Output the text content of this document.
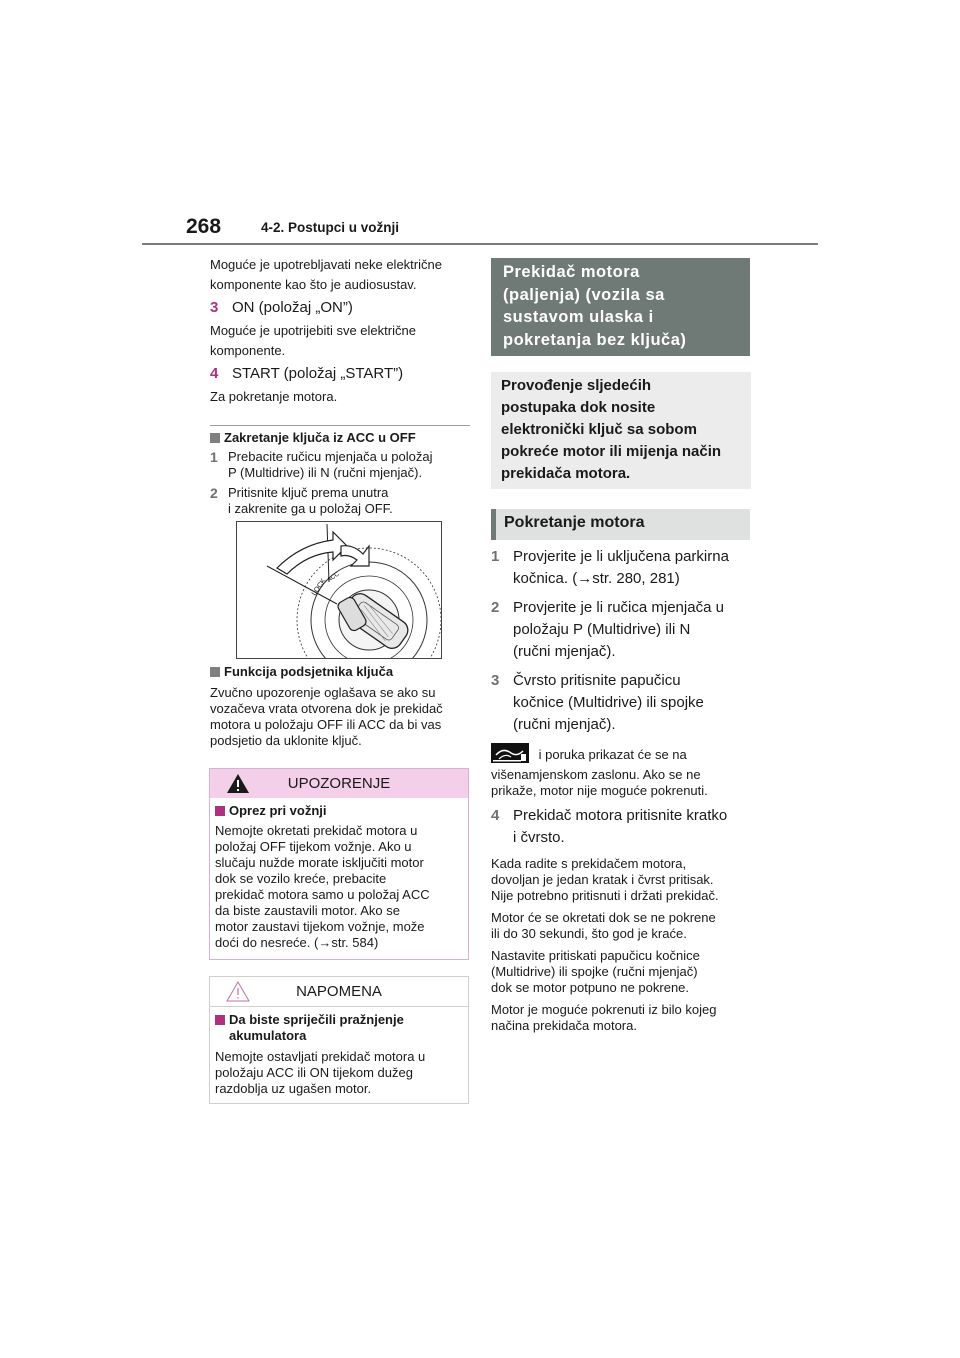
268	4-2. Postupci u vožnji

Moguće je upotrebljavati neke električne

komponente kao što je audiosustav.

3 ON (položaj „ON”)

Moguće je upotrijebiti sve električne

komponente.

4 START (položaj „START”)

Za pokretanje motora.

Zakretanje ključa iz ACC u OFF
1 Prebacite ručicu mjenjača u položaj
P (Multidrive) ili N (ručni mjenjač).
2 Pritisnite ključ prema unutra
i zakrenite ga u položaj OFF.
LOCK ACC
Funkcija podsjetnika ključa

Zvučno upozorenje oglašava se ako su

vozačeva vrata otvorena dok je prekidač

motora u položaju OFF ili ACC da bi vas

podsjetio da uklonite ključ.

UPOZORENJE
Oprez pri vožnji

Nemojte okretati prekidač motora u

položaj OFF tijekom vožnje. Ako u

slučaju nužde morate isključiti motor

dok se vozilo kreće, prebacite

prekidač motora samo u položaj ACC

da biste zaustavili motor. Ako se

motor zaustavi tijekom vožnje, može

doći do nesreće. (→str. 584)

NAPOMENA
Da biste spriječili pražnjenje
akumulatora

Nemojte ostavljati prekidač motora u

položaju ACC ili ON tijekom dužeg

razdoblja uz ugašen motor.

Prekidač motora
(paljenja) (vozila sa
sustavom ulaska i
pokretanja bez ključa)
Provođenje sljedećih
postupaka dok nosite
elektronički ključ sa sobom
pokreće motor ili mijenja način
prekidača motora.
Pokretanje motora
1 Provjerite je li uključena parkirna
kočnica. (→str. 280, 281)
2 Provjerite je li ručica mjenjača u
položaju P (Multidrive) ili N
(ručni mjenjač).
3 Čvrsto pritisnite papučicu
kočnice (Multidrive) ili spojke
(ručni mjenjač).
i poruka prikazat će se na
višenamjenskom zaslonu. Ako se ne
prikaže, motor nije moguće pokrenuti.
4 Prekidač motora pritisnite kratko
i čvrsto.

Kada radite s prekidačem motora,

dovoljan je jedan kratak i čvrst pritisak.

Nije potrebno pritisnuti i držati prekidač.

Motor će se okretati dok se ne pokrene

ili do 30 sekundi, što god je kraće.

Nastavite pritiskati papučicu kočnice

(Multidrive) ili spojke (ručni mjenjač)

dok se motor potpuno ne pokrene.

Motor je moguće pokrenuti iz bilo kojeg

načina prekidača motora.
